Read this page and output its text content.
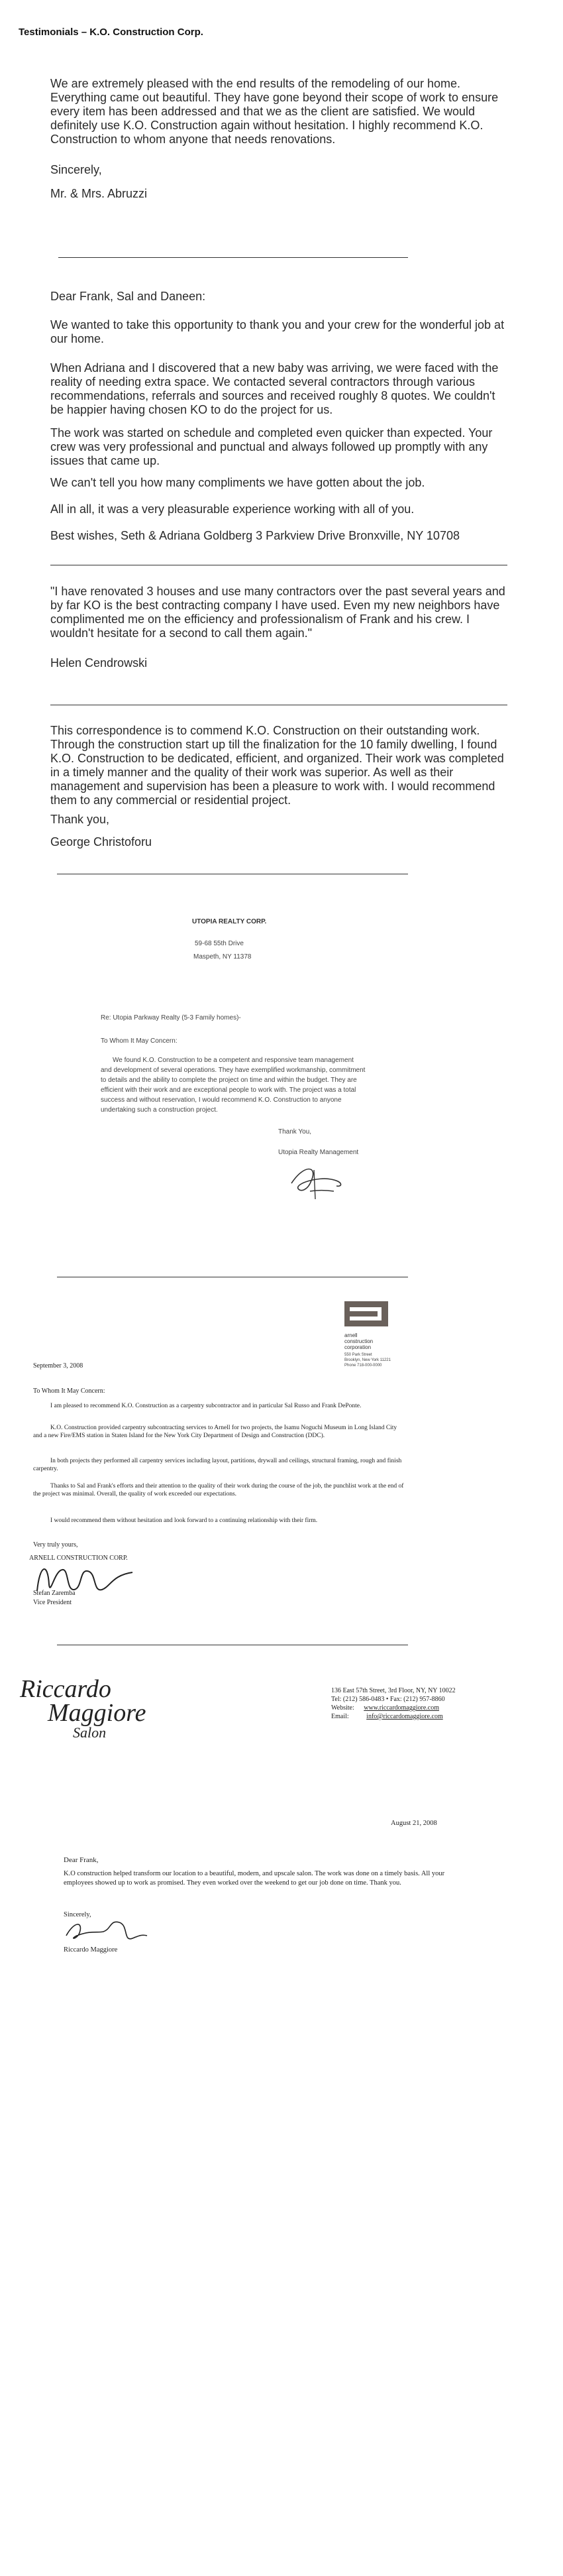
Testimonials – K.O. Construction Corp.

We are extremely pleased with the end results of the remodeling of our home. Everything came out beautiful. They have gone beyond their scope of work to ensure every item has been addressed and that we as the client are satisfied. We would definitely use K.O. Construction again without hesitation. I highly recommend K.O. Construction to whom anyone that needs renovations.

Sincerely,

Mr. & Mrs. Abruzzi

Dear Frank, Sal and Daneen:

We wanted to take this opportunity to thank you and your crew for the wonderful job at our home.

When Adriana and I discovered that a new baby was arriving, we were faced with the reality of needing extra space. We contacted several contractors through various recommendations, referrals and sources and received roughly 8 quotes. We couldn't be happier having chosen KO to do the project for us.

The work was started on schedule and completed even quicker than expected. Your crew was very professional and punctual and always followed up promptly with any issues that came up.

We can't tell you how many compliments we have gotten about the job.

All in all, it was a very pleasurable experience working with all of you.

Best wishes, Seth & Adriana Goldberg 3 Parkview Drive Bronxville, NY 10708

"I have renovated 3 houses and use many contractors over the past several years and by far KO is the best contracting company I have used. Even my new neighbors have complimented me on the efficiency and professionalism of Frank and his crew. I wouldn't hesitate for a second to call them again."

Helen Cendrowski

This correspondence is to commend K.O. Construction on their outstanding work. Through the construction start up till the finalization for the 10 family dwelling, I found K.O. Construction to be dedicated, efficient, and organized. Their work was completed in a timely manner and the quality of their work was superior. As well as their management and supervision has been a pleasure to work with. I would recommend them to any commercial or residential project.

Thank you,

George Christoforu

UTOPIA REALTY CORP.
59-68 55th Drive
Maspeth, NY 11378
Re: Utopia Parkway Realty (5-3 Family homes)-
To Whom It May Concern:

We found K.O. Construction to be a competent and responsive team management and development of several operations. They have exemplified workmanship, commitment to details and the ability to complete the project on time and within the budget. They are efficient with their work and are exceptional people to work with. The project was a total success and without reservation, I would recommend K.O. Construction to anyone undertaking such a construction project.

Thank You,
Utopia Realty Management
arnell
construction
corporation
550 Park Street
Brooklyn, New York 11221
Phone 718-000-0000
September 3, 2008
To Whom It May Concern:

I am pleased to recommend K.O. Construction as a carpentry subcontractor and in particular Sal Russo and Frank DePonte.

K.O. Construction provided carpentry subcontracting services to Arnell for two projects, the Isamu Noguchi Museum in Long Island City and a new Fire/EMS station in Staten Island for the New York City Department of Design and Construction (DDC).

In both projects they performed all carpentry services including layout, partitions, drywall and ceilings, structural framing, rough and finish carpentry.

Thanks to Sal and Frank's efforts and their attention to the quality of their work during the course of the job, the punchlist work at the end of the project was minimal. Overall, the quality of work exceeded our expectations.

I would recommend them without hesitation and look forward to a continuing relationship with their firm.

Very truly yours,
ARNELL CONSTRUCTION CORP.
Stefan Zaremba
Vice President
Riccardo
Maggiore
Salon
136 East 57th Street, 3rd Floor, NY, NY 10022
Tel: (212) 586-0483 • Fax: (212) 957-8860
Website: www.riccardomaggiore.com
Email:	info@riccardomaggiore.com
August 21, 2008
Dear Frank,

K.O construction helped transform our location to a beautiful, modern, and upscale salon. The work was done on a timely basis. All your employees showed up to work as promised. They even worked over the weekend to get our job done on time. Thank you.

Sincerely,
Riccardo Maggiore
